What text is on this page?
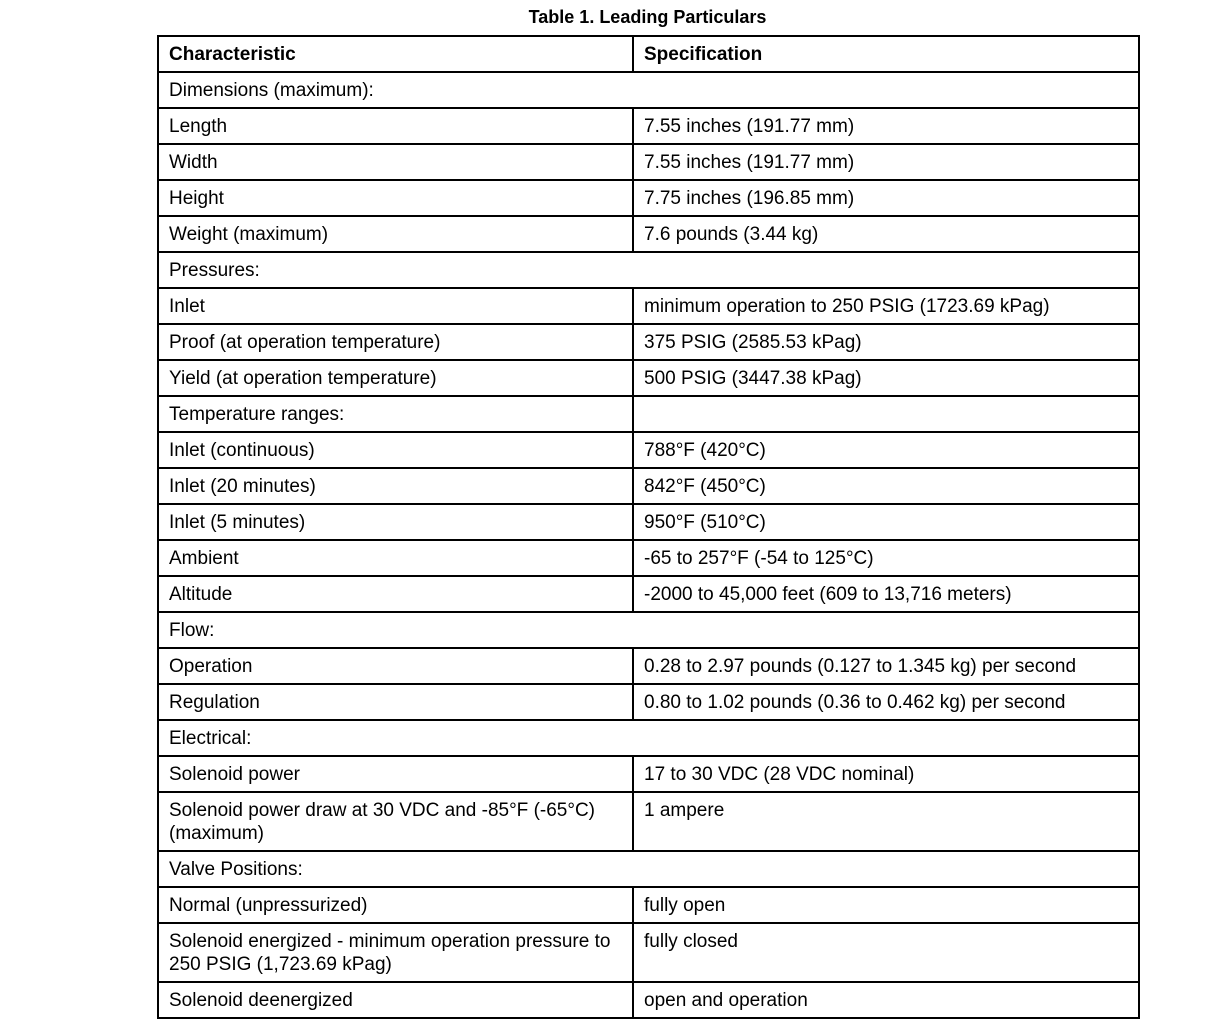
Table 1. Leading Particulars
Characteristic	Specification
Dimensions (maximum):	
Length	7.55 inches (191.77 mm)
Width	7.55 inches (191.77 mm)
Height	7.75 inches (196.85 mm)
Weight (maximum)	7.6 pounds (3.44 kg)
Pressures:	
Inlet	minimum operation to 250 PSIG (1723.69 kPag)
Proof (at operation temperature)	375 PSIG (2585.53 kPag)
Yield (at operation temperature)	500 PSIG (3447.38 kPag)
Temperature ranges:	
Inlet (continuous)	788°F (420°C)
Inlet (20 minutes)	842°F (450°C)
Inlet (5 minutes)	950°F (510°C)
Ambient	-65 to 257°F (-54 to 125°C)
Altitude	-2000 to 45,000 feet (609 to 13,716 meters)
Flow:	
Operation	0.28 to 2.97 pounds (0.127 to 1.345 kg) per second
Regulation	0.80 to 1.02 pounds (0.36 to 0.462 kg) per second
Electrical:	
Solenoid power	17 to 30 VDC (28 VDC nominal)
Solenoid power draw at 30 VDC and -85°F (-65°C) (maximum)	1 ampere
Valve Positions:	
Normal (unpressurized)	fully open
Solenoid energized - minimum operation pressure to 250 PSIG (1,723.69 kPag)	fully closed
Solenoid deenergized	open and operation
